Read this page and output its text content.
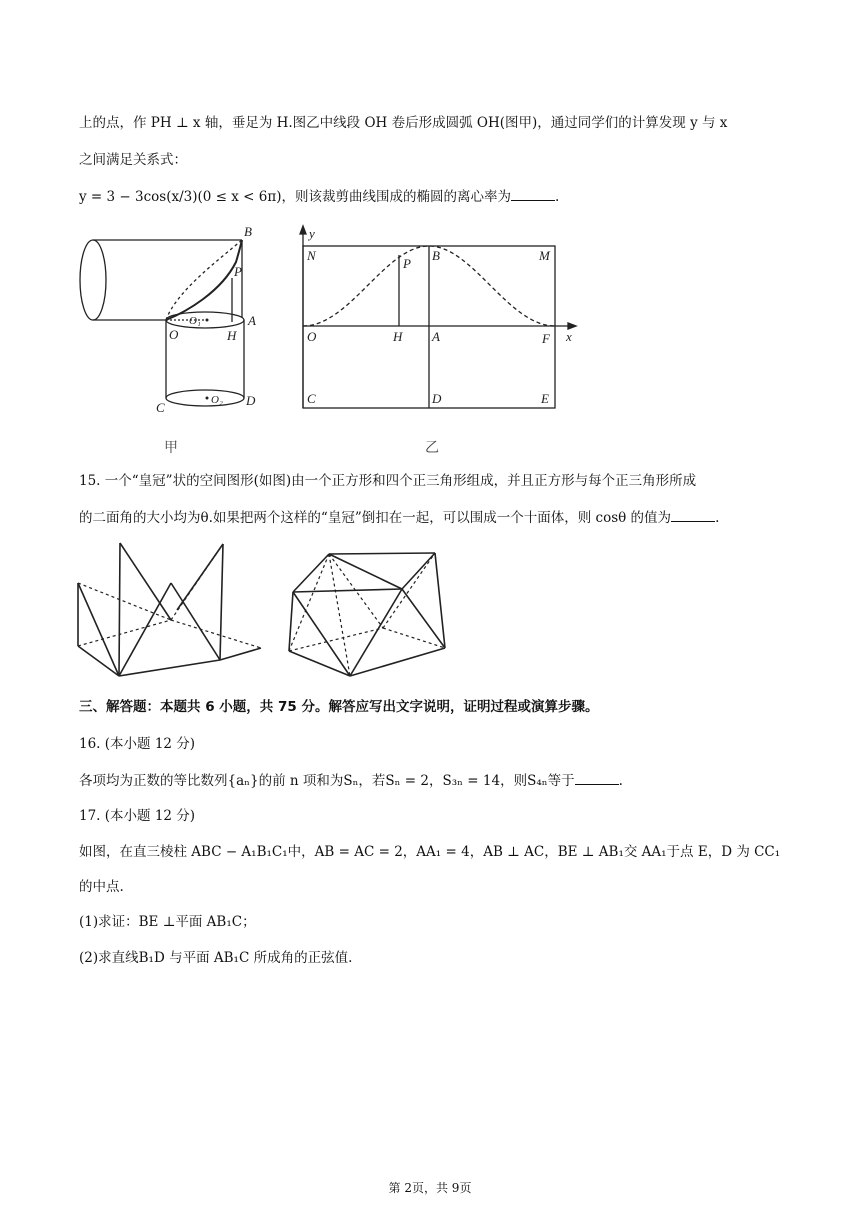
上的点，作 PH ⊥ x 轴，垂足为 H.图乙中线段 OH 卷后形成圆弧 OH(图甲)，通过同学们的计算发现 y 与 x
之间满足关系式：
y = 3 − 3cos(x/3)(0 ≤ x < 6π)，则该裁剪曲线围成的椭圆的离心率为	.
B
P
O
O₁	A
H
C	O₂ D
甲
y
N
P
B	M
O	H A	F x
C	D	E
乙
15. 一个“皇冠”状的空间图形(如图)由一个正方形和四个正三角形组成，并且正方形与每个正三角形所成
的二面角的大小均为θ.如果把两个这样的“皇冠”倒扣在一起，可以围成一个十面体，则 cosθ 的值为	.
三、解答题：本题共 6 小题，共 75 分。解答应写出文字说明，证明过程或演算步骤。
16. (本小题 12 分)
各项均为正数的等比数列{aₙ}的前 n 项和为Sₙ，若Sₙ = 2，S₃ₙ = 14，则S₄ₙ等于	.
17. (本小题 12 分)
如图，在直三棱柱 ABC − A₁B₁C₁中，AB = AC = 2，AA₁ = 4，AB ⊥ AC，BE ⊥ AB₁交 AA₁于点 E，D 为 CC₁
的中点.
(1)求证：BE ⊥平面 AB₁C；
(2)求直线B₁D 与平面 AB₁C 所成角的正弦值.
第 2页，共 9页
